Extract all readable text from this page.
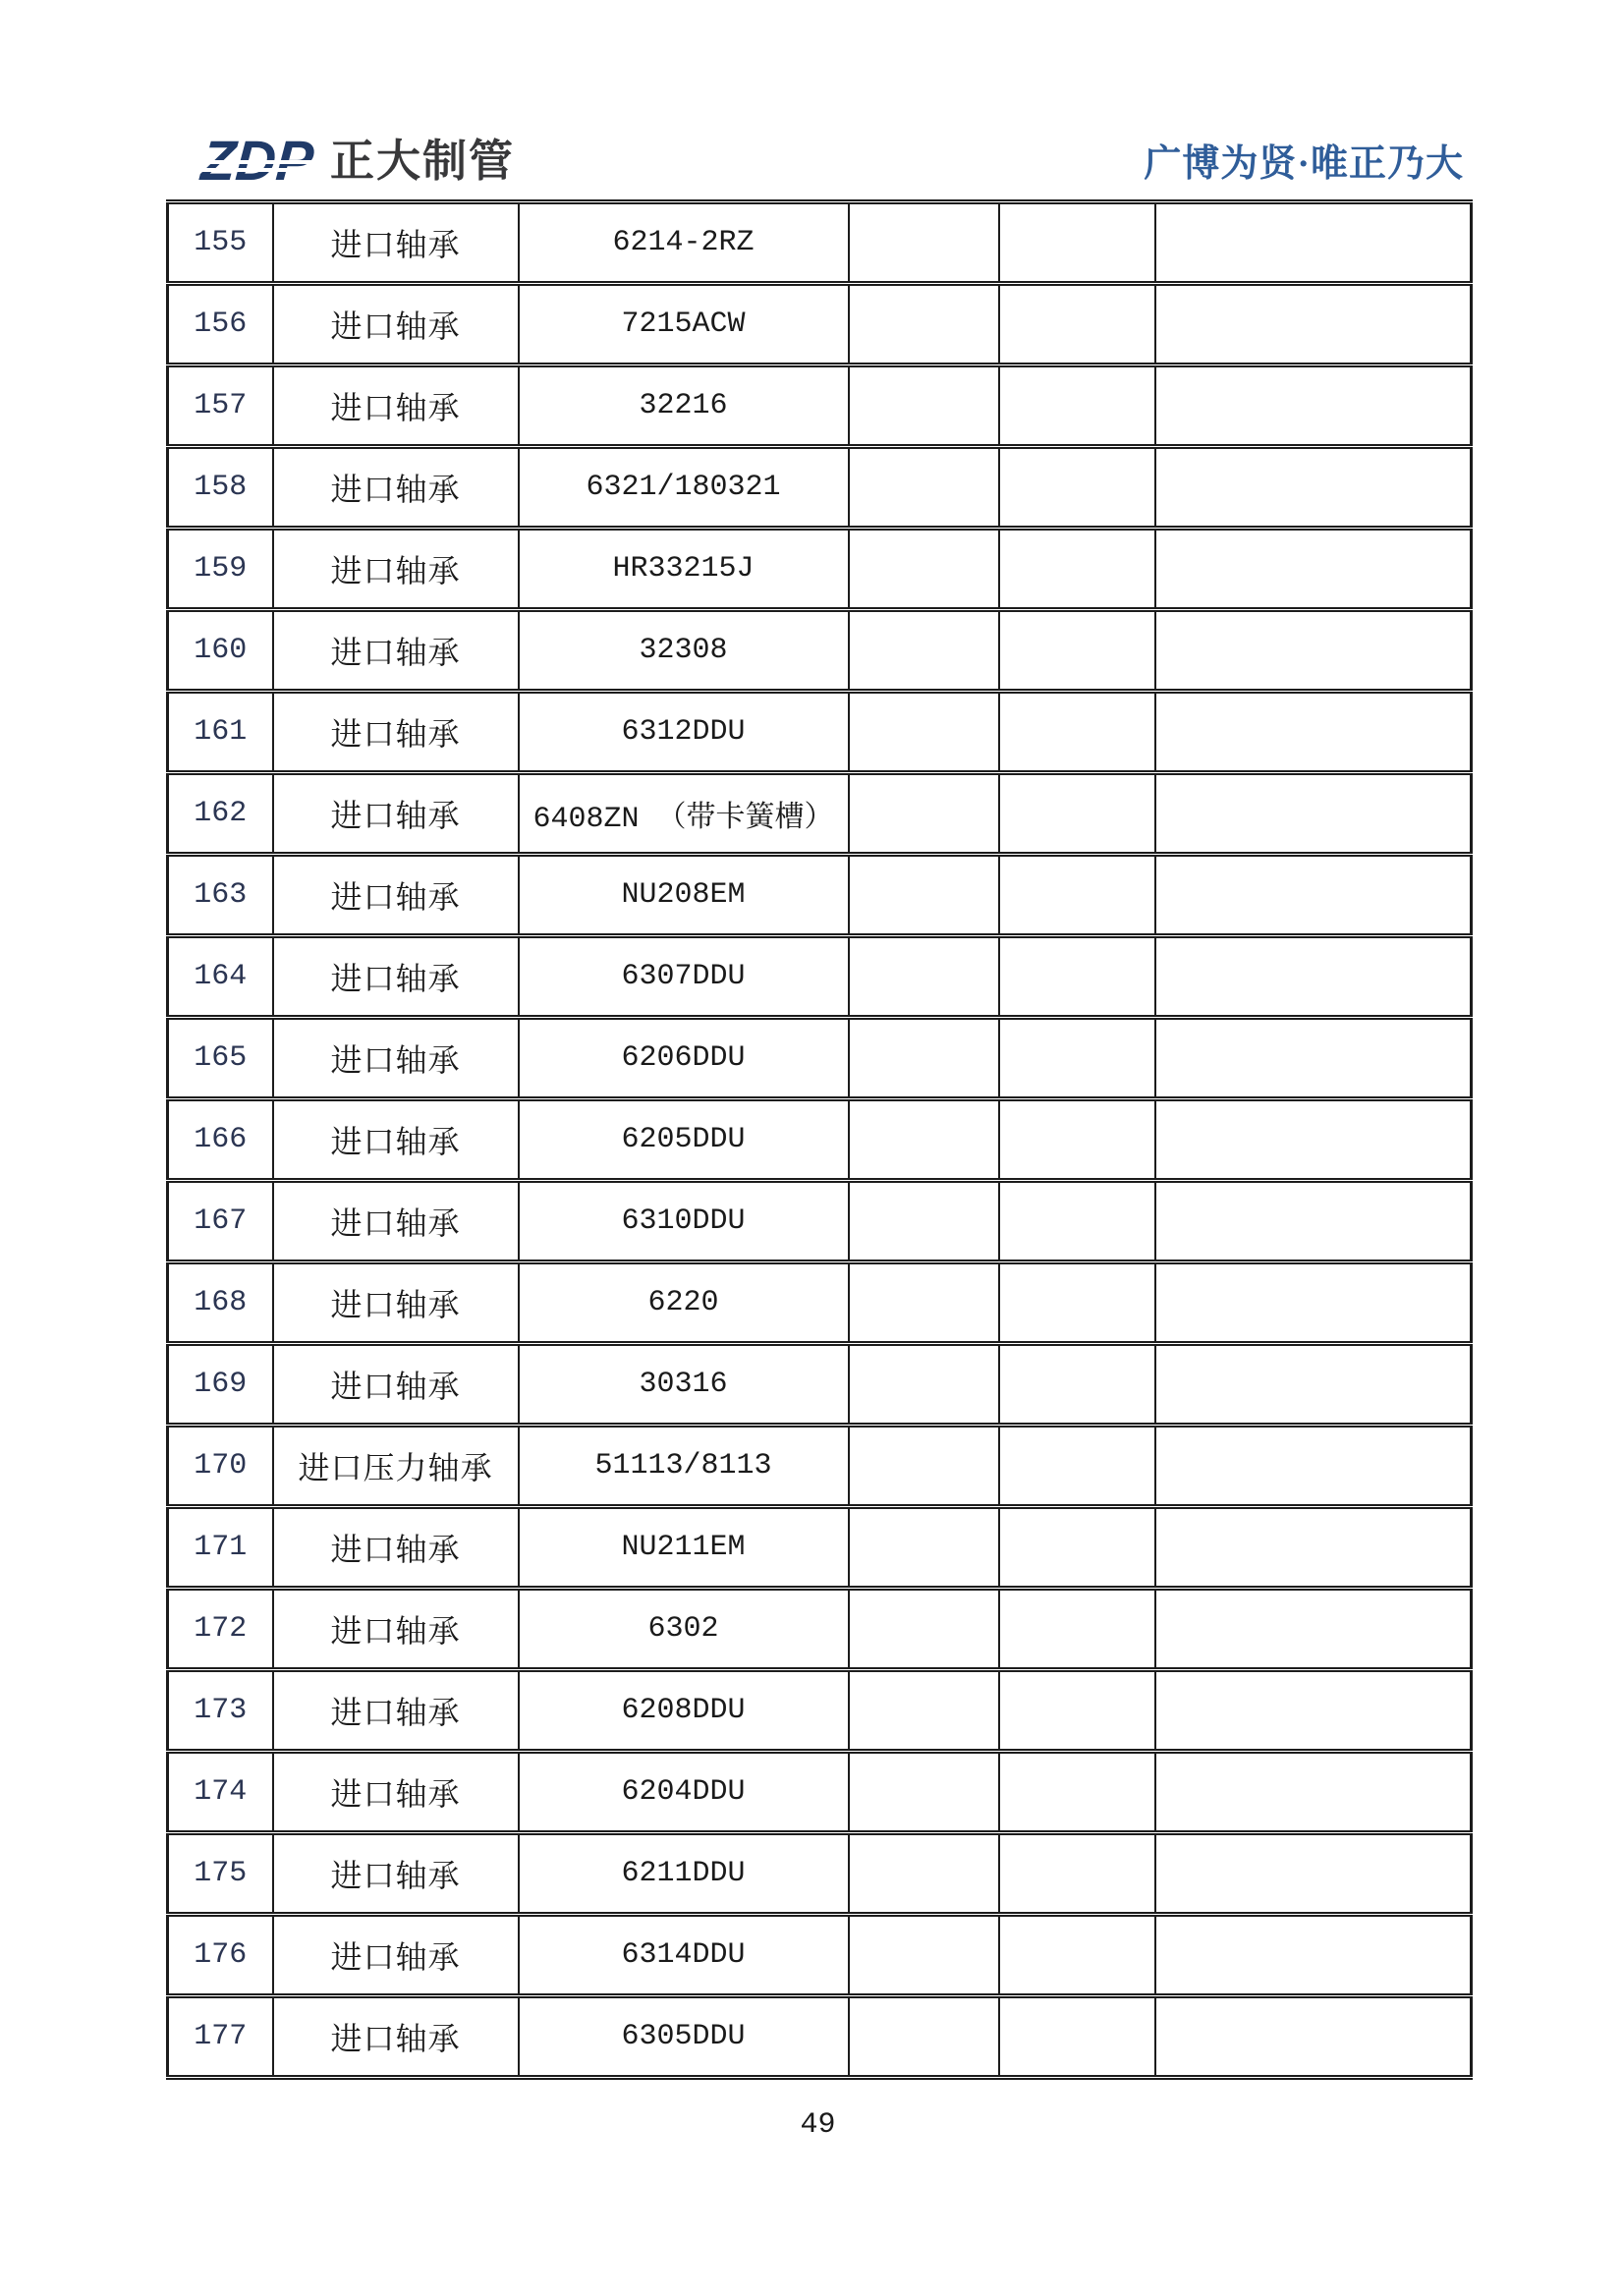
正大制管	广博为贤·唯正乃大
155	进口轴承	6214-2RZ			
156	进口轴承	7215ACW			
157	进口轴承	32216			
158	进口轴承	6321/180321			
159	进口轴承	HR33215J			
160	进口轴承	32308			
161	进口轴承	6312DDU			
162	进口轴承	6408ZN （带卡簧槽）			
163	进口轴承	NU208EM			
164	进口轴承	6307DDU			
165	进口轴承	6206DDU			
166	进口轴承	6205DDU			
167	进口轴承	6310DDU			
168	进口轴承	6220			
169	进口轴承	30316			
170	进口压力轴承	51113/8113			
171	进口轴承	NU211EM			
172	进口轴承	6302			
173	进口轴承	6208DDU			
174	进口轴承	6204DDU			
175	进口轴承	6211DDU			
176	进口轴承	6314DDU			
177	进口轴承	6305DDU			
49
